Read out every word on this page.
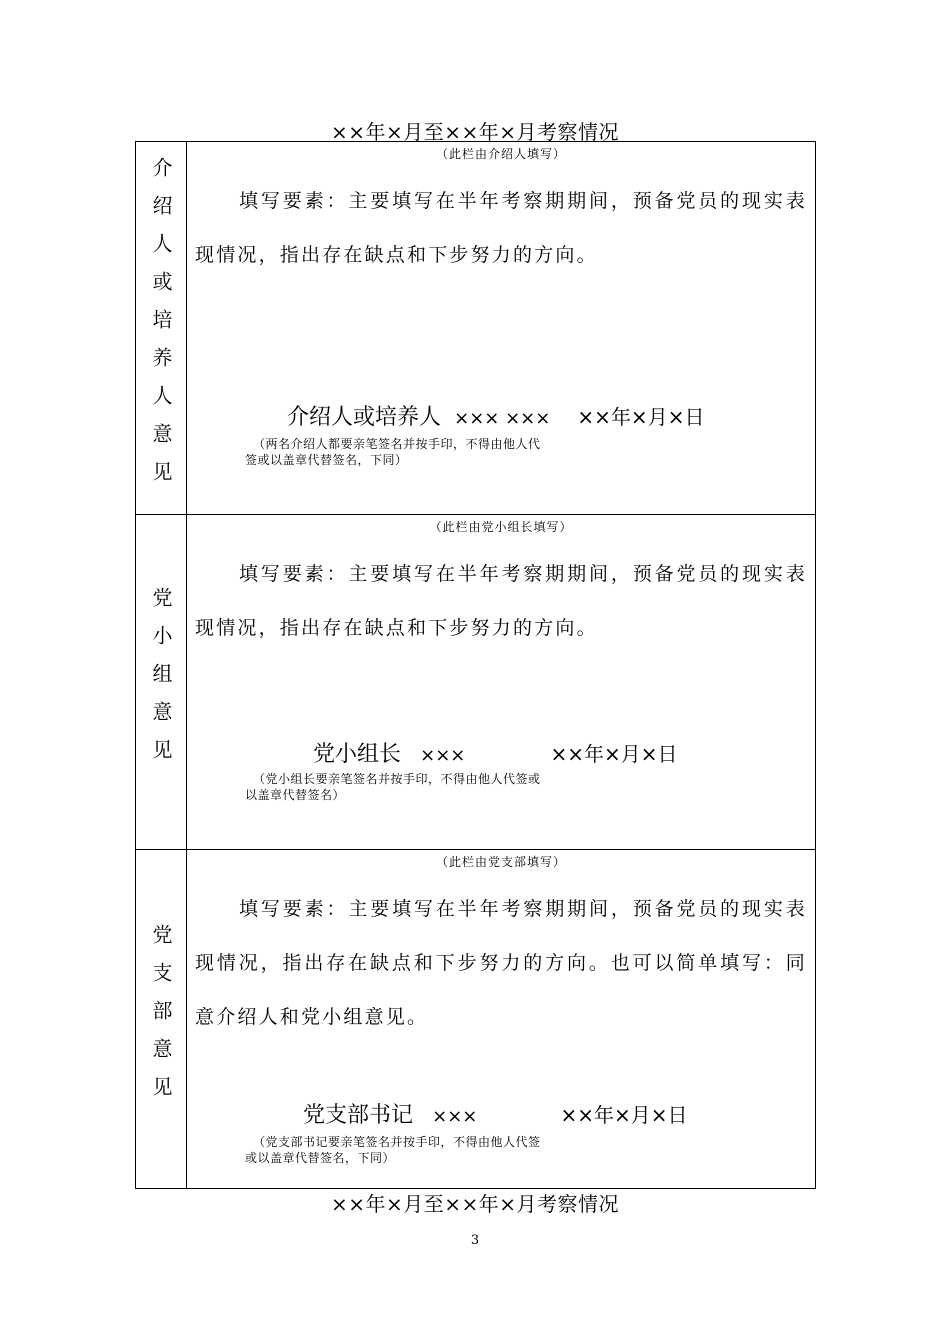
××年×月至××年×月考察情况
介绍人或培养人意见
（此栏由介绍人填写）
填写要素：主要填写在半年考察期期间，预备党员的现实表现情况，指出存在缺点和下步努力的方向。
介绍人或培养人 ××× ××× ××年×月×日
（两名介绍人都要亲笔签名并按手印，不得由他人代
签或以盖章代替签名，下同）
党小组意见
（此栏由党小组长填写）
填写要素：主要填写在半年考察期期间，预备党员的现实表现情况，指出存在缺点和下步努力的方向。
党小组长 ×××	××年×月×日
（党小组长要亲笔签名并按手印，不得由他人代签或
以盖章代替签名）
党支部意见
（此栏由党支部填写）
填写要素：主要填写在半年考察期期间，预备党员的现实表现情况，指出存在缺点和下步努力的方向。也可以简单填写：同意介绍人和党小组意见。
党支部书记 ×××	××年×月×日
（党支部书记要亲笔签名并按手印，不得由他人代签
或以盖章代替签名，下同）
××年×月至××年×月考察情况
3
